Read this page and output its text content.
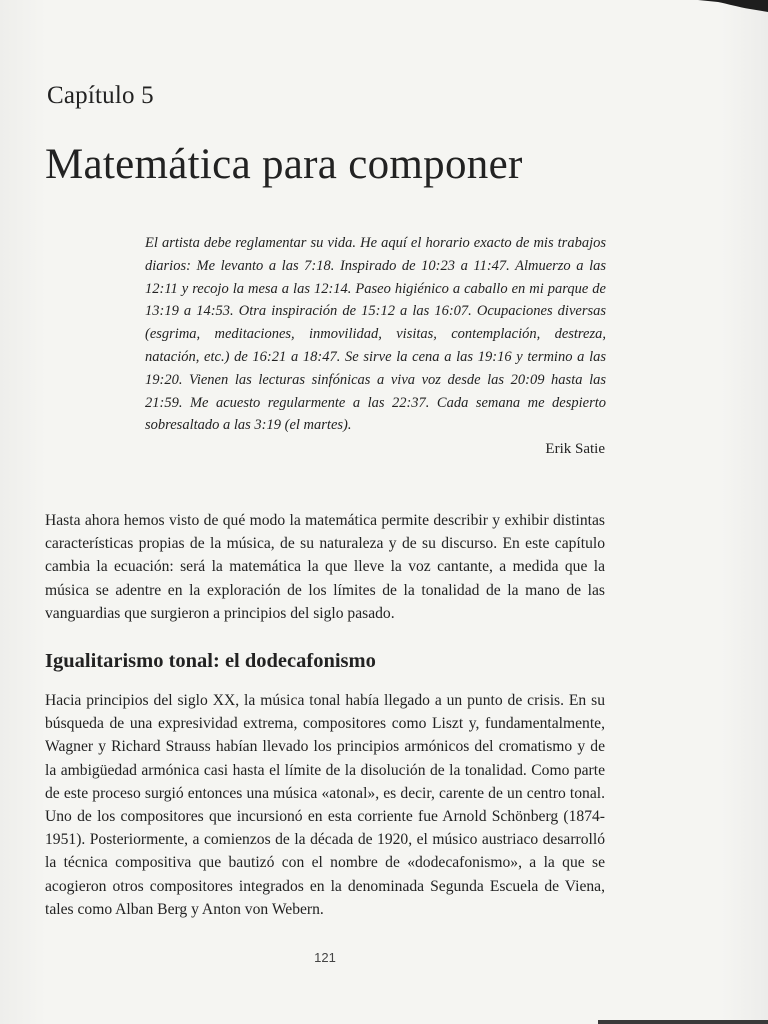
Capítulo 5
Matemática para componer
El artista debe reglamentar su vida. He aquí el horario exacto de mis trabajos diarios: Me levanto a las 7:18. Inspirado de 10:23 a 11:47. Almuerzo a las 12:11 y recojo la mesa a las 12:14. Paseo higiénico a caballo en mi parque de 13:19 a 14:53. Otra inspiración de 15:12 a las 16:07. Ocupaciones diversas (esgrima, meditaciones, inmovilidad, visitas, contemplación, destreza, natación, etc.) de 16:21 a 18:47. Se sirve la cena a las 19:16 y termino a las 19:20. Vienen las lecturas sinfónicas a viva voz desde las 20:09 hasta las 21:59. Me acuesto regularmente a las 22:37. Cada semana me despierto sobresaltado a las 3:19 (el martes).
Erik Satie

Hasta ahora hemos visto de qué modo la matemática permite describir y exhibir distintas características propias de la música, de su naturaleza y de su discurso. En este capítulo cambia la ecuación: será la matemática la que lleve la voz cantante, a medida que la música se adentre en la exploración de los límites de la tonalidad de la mano de las vanguardias que surgieron a principios del siglo pasado.

Igualitarismo tonal: el dodecafonismo

Hacia principios del siglo XX, la música tonal había llegado a un punto de crisis. En su búsqueda de una expresividad extrema, compositores como Liszt y, fundamentalmente, Wagner y Richard Strauss habían llevado los principios armónicos del cromatismo y de la ambigüedad armónica casi hasta el límite de la disolución de la tonalidad. Como parte de este proceso surgió entonces una música «atonal», es decir, carente de un centro tonal. Uno de los compositores que incursionó en esta corriente fue Arnold Schönberg (1874-1951). Posteriormente, a comienzos de la década de 1920, el músico austriaco desarrolló la técnica compositiva que bautizó con el nombre de «dodecafonismo», a la que se acogieron otros compositores integrados en la denominada Segunda Escuela de Viena, tales como Alban Berg y Anton von Webern.

121
